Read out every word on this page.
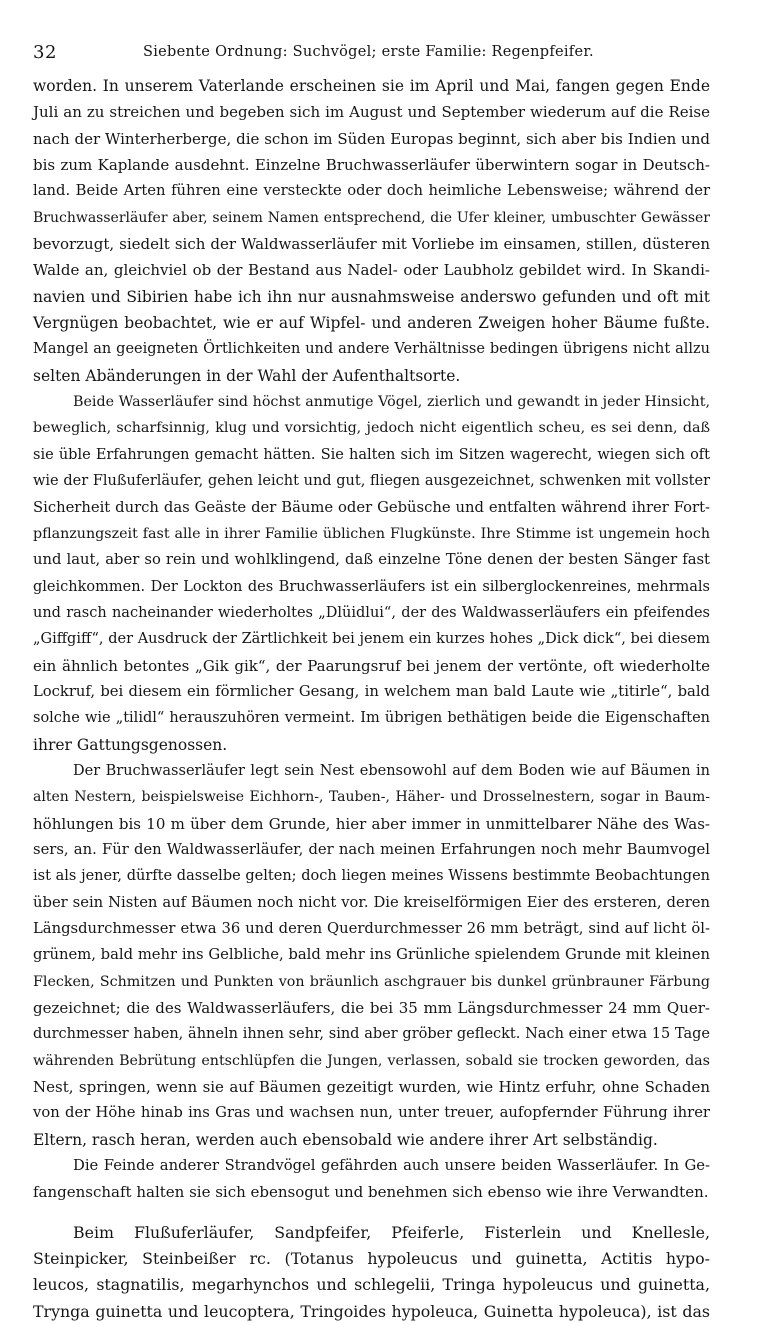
32	Siebente Ordnung: Suchvögel; erste Familie: Regenpfeifer.
worden. In unserem Vaterlande erscheinen sie im April und Mai, fangen gegen Ende
Juli an zu streichen und begeben sich im August und September wiederum auf die Reise
nach der Winterherberge, die schon im Süden Europas beginnt, sich aber bis Indien und
bis zum Kaplande ausdehnt. Einzelne Bruchwasserläufer überwintern sogar in Deutsch-
land. Beide Arten führen eine versteckte oder doch heimliche Lebensweise; während der
Bruchwasserläufer aber, seinem Namen entsprechend, die Ufer kleiner, umbuschter Gewässer
bevorzugt, siedelt sich der Waldwasserläufer mit Vorliebe im einsamen, stillen, düsteren
Walde an, gleichviel ob der Bestand aus Nadel- oder Laubholz gebildet wird. In Skandi-
navien und Sibirien habe ich ihn nur ausnahmsweise anderswo gefunden und oft mit
Vergnügen beobachtet, wie er auf Wipfel- und anderen Zweigen hoher Bäume fußte.
Mangel an geeigneten Örtlichkeiten und andere Verhältnisse bedingen übrigens nicht allzu
selten Abänderungen in der Wahl der Aufenthaltsorte.
Beide Wasserläufer sind höchst anmutige Vögel, zierlich und gewandt in jeder Hinsicht,
beweglich, scharfsinnig, klug und vorsichtig, jedoch nicht eigentlich scheu, es sei denn, daß
sie üble Erfahrungen gemacht hätten. Sie halten sich im Sitzen wagerecht, wiegen sich oft
wie der Flußuferläufer, gehen leicht und gut, fliegen ausgezeichnet, schwenken mit vollster
Sicherheit durch das Geäste der Bäume oder Gebüsche und entfalten während ihrer Fort-
pflanzungszeit fast alle in ihrer Familie üblichen Flugkünste. Ihre Stimme ist ungemein hoch
und laut, aber so rein und wohlklingend, daß einzelne Töne denen der besten Sänger fast
gleichkommen. Der Lockton des Bruchwasserläufers ist ein silberglockenreines, mehrmals
und rasch nacheinander wiederholtes „Dlüidlui“, der des Waldwasserläufers ein pfeifendes
„Giffgiff“, der Ausdruck der Zärtlichkeit bei jenem ein kurzes hohes „Dick dick“, bei diesem
ein ähnlich betontes „Gik gik“, der Paarungsruf bei jenem der vertönte, oft wiederholte
Lockruf, bei diesem ein förmlicher Gesang, in welchem man bald Laute wie „titirle“, bald
solche wie „tilidl“ herauszuhören vermeint. Im übrigen bethätigen beide die Eigenschaften
ihrer Gattungsgenossen.
Der Bruchwasserläufer legt sein Nest ebensowohl auf dem Boden wie auf Bäumen in
alten Nestern, beispielsweise Eichhorn-, Tauben-, Häher- und Drosselnestern, sogar in Baum-
höhlungen bis 10 m über dem Grunde, hier aber immer in unmittelbarer Nähe des Was-
sers, an. Für den Waldwasserläufer, der nach meinen Erfahrungen noch mehr Baumvogel
ist als jener, dürfte dasselbe gelten; doch liegen meines Wissens bestimmte Beobachtungen
über sein Nisten auf Bäumen noch nicht vor. Die kreiselförmigen Eier des ersteren, deren
Längsdurchmesser etwa 36 und deren Querdurchmesser 26 mm beträgt, sind auf licht öl-
grünem, bald mehr ins Gelbliche, bald mehr ins Grünliche spielendem Grunde mit kleinen
Flecken, Schmitzen und Punkten von bräunlich aschgrauer bis dunkel grünbrauner Färbung
gezeichnet; die des Waldwasserläufers, die bei 35 mm Längsdurchmesser 24 mm Quer-
durchmesser haben, ähneln ihnen sehr, sind aber gröber gefleckt. Nach einer etwa 15 Tage
währenden Bebrütung entschlüpfen die Jungen, verlassen, sobald sie trocken geworden, das
Nest, springen, wenn sie auf Bäumen gezeitigt wurden, wie Hintz erfuhr, ohne Schaden
von der Höhe hinab ins Gras und wachsen nun, unter treuer, aufopfernder Führung ihrer
Eltern, rasch heran, werden auch ebensobald wie andere ihrer Art selbständig.
Die Feinde anderer Strandvögel gefährden auch unsere beiden Wasserläufer. In Ge-
fangenschaft halten sie sich ebensogut und benehmen sich ebenso wie ihre Verwandten.
Beim Flußuferläufer, Sandpfeifer, Pfeiferle, Fisterlein und Knellesle,
Steinpicker, Steinbeißer rc. (Totanus hypoleucus und guinetta, Actitis hypo-
leucos, stagnatilis, megarhynchos und schlegelii, Tringa hypoleucus und guinetta,
Trynga guinetta und leucoptera, Tringoides hypoleuca, Guinetta hypoleuca), ist das
